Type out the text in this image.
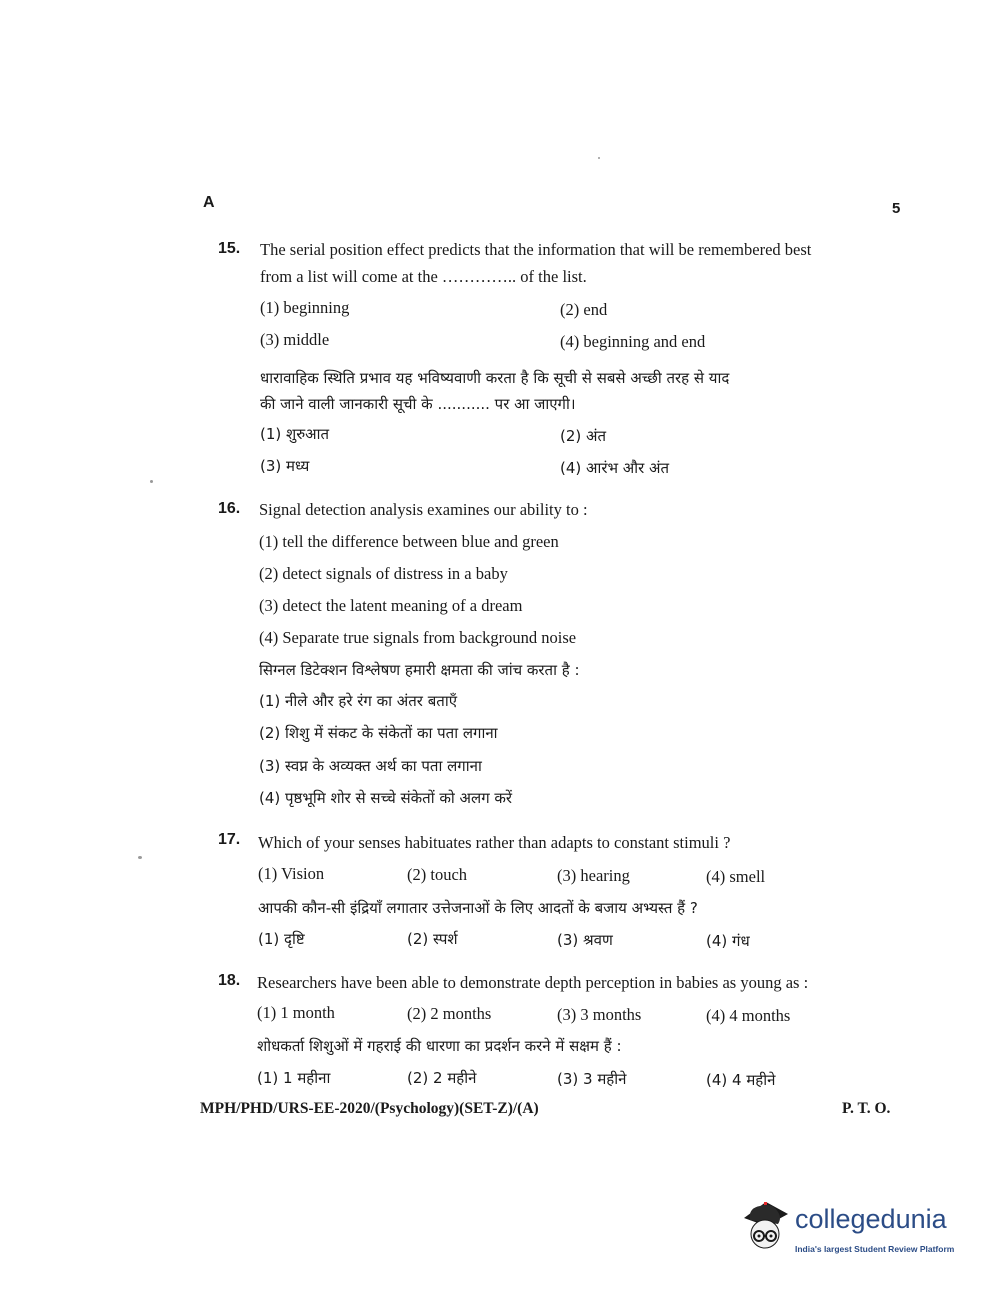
A	5
15. The serial position effect predicts that the information that will be remembered best
from a list will come at the ………….. of the list.
(1) beginning	(2) end
(3) middle	(4) beginning and end
धारावाहिक स्थिति प्रभाव यह भविष्यवाणी करता है कि सूची से सबसे अच्छी तरह से याद
की जाने वाली जानकारी सूची के ........... पर आ जाएगी।
(1) शुरुआत	(2) अंत
(3) मध्य	(4) आरंभ और अंत
16. Signal detection analysis examines our ability to :
(1) tell the difference between blue and green
(2) detect signals of distress in a baby
(3) detect the latent meaning of a dream
(4) Separate true signals from background noise
सिग्नल डिटेक्शन विश्लेषण हमारी क्षमता की जांच करता है :
(1) नीले और हरे रंग का अंतर बताएँ
(2) शिशु में संकट के संकेतों का पता लगाना
(3) स्वप्न के अव्यक्त अर्थ का पता लगाना
(4) पृष्ठभूमि शोर से सच्चे संकेतों को अलग करें
17. Which of your senses habituates rather than adapts to constant stimuli ?
(1) Vision	(2) touch	(3) hearing	(4) smell
आपकी कौन-सी इंद्रियाँ लगातार उत्तेजनाओं के लिए आदतों के बजाय अभ्यस्त हैं ?
(1) दृष्टि	(2) स्पर्श	(3) श्रवण	(4) गंध
18. Researchers have been able to demonstrate depth perception in babies as young as :
(1) 1 month	(2) 2 months	(3) 3 months	(4) 4 months
शोधकर्ता शिशुओं में गहराई की धारणा का प्रदर्शन करने में सक्षम हैं :
(1) 1 महीना	(2) 2 महीने	(3) 3 महीने	(4) 4 महीने
MPH/PHD/URS-EE-2020/(Psychology)(SET-Z)/(A)	P. T. O.
collegedunia
India's largest Student Review Platform
